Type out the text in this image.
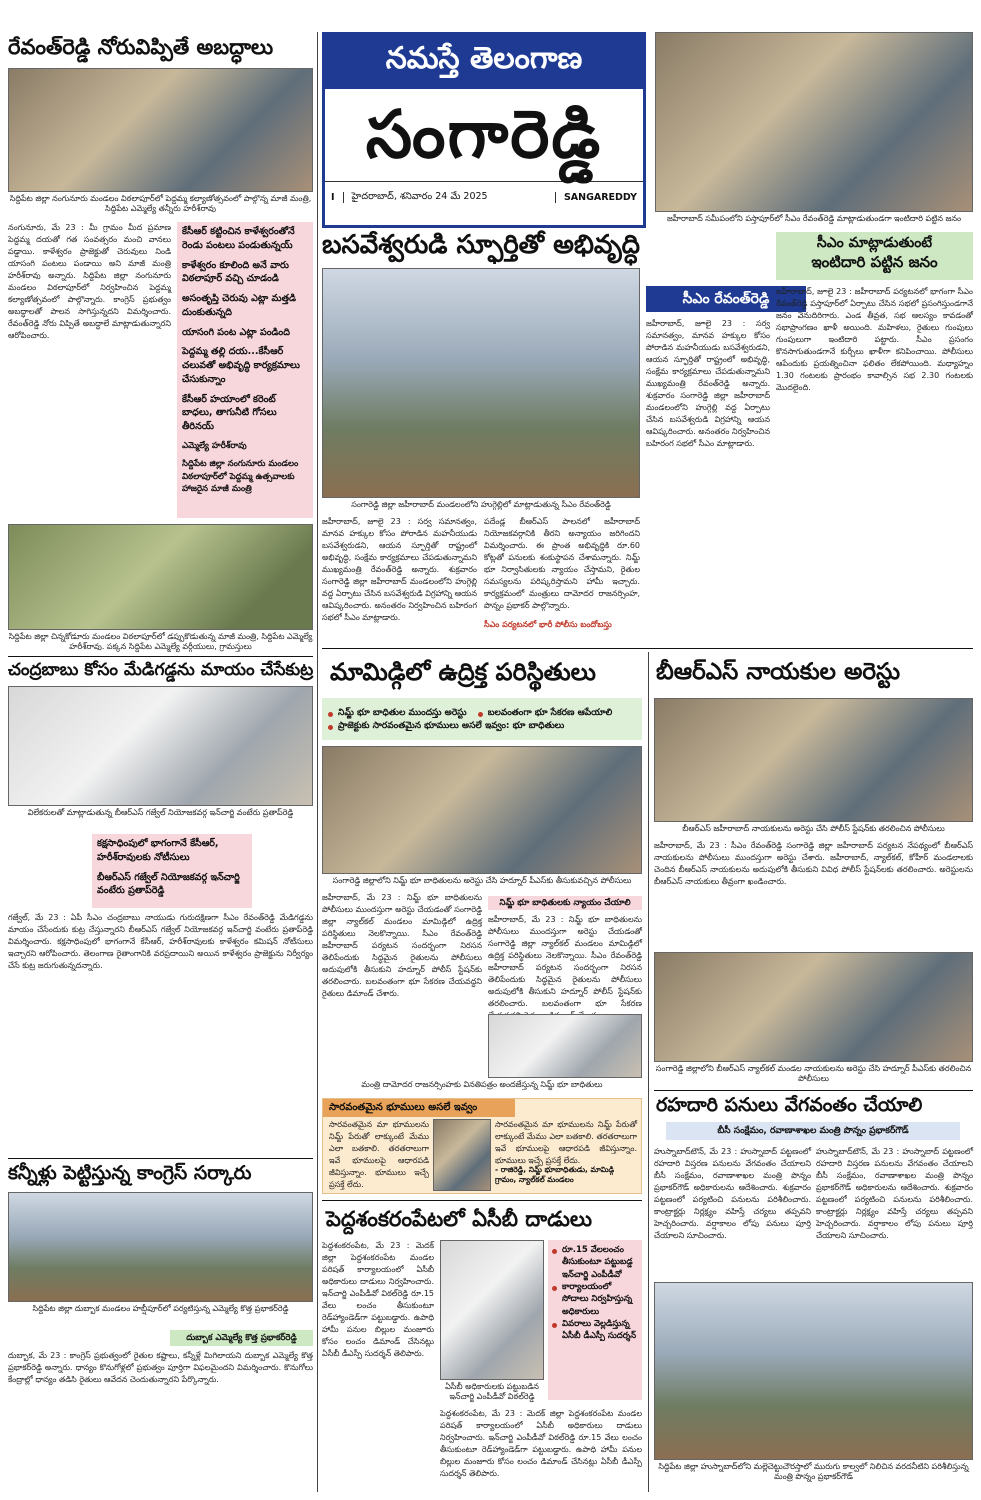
నమస్తే తెలంగాణ
సంగారెడ్డి
I	హైదరాబాద్, శనివారం 24 మే 2025	SANGAREDDY
జహీరాబాద్ సమీపంలోని పస్తాపూర్‌లో సీఎం రేవంత్‌రెడ్డి మాట్లాడుతుండగా ఇంటిదారి పట్టిన జనం
రేవంత్‌రెడ్డి నోరువిప్పితే అబద్ధాలు
సిద్దిపేట జిల్లా నంగునూరు మండలం విఠలాపూర్‌లో పెద్దమ్మ కల్యాణోత్సవంలో పాల్గొన్న మాజీ మంత్రి, సిద్దిపేట ఎమ్మెల్యే తన్నీరు హరీశ్‌రావు
నంగునూరు, మే 23 : మీ గ్రామం మీద ప్రమాణ పెద్దమ్మ దయతో గత సంవత్సరం మంచి వానలు పడ్డాయి. కాళేశ్వరం ప్రాజెక్టుతో చెరువులు నిండి యాసంగి పంటలు పండాయి అని మాజీ మంత్రి హరీశ్‌రావు అన్నారు. సిద్దిపేట జిల్లా నంగునూరు మండలం విఠలాపూర్‌లో నిర్వహించిన పెద్దమ్మ కల్యాణోత్సవంలో పాల్గొన్నారు. కాంగ్రెస్ ప్రభుత్వం అబద్ధాలతో పాలన సాగిస్తున్నదని విమర్శించారు. రేవంత్‌రెడ్డి నోరు విప్పితే అబద్ధాలే మాట్లాడుతున్నారని ఆరోపించారు.
కేసీఆర్ కట్టించిన కాళేశ్వరంతోనే రెండు పంటలు పండుతున్నయ్
కాళేశ్వరం కూలింది అనే వారు విఠలాపూర్ వచ్చి చూడండి
అసంతృప్తి చెరువు ఎట్లా మత్తడి దుంకుతున్నది
యాసంగి పంట ఎట్లా పండింది
పెద్దమ్మ తల్లి దయ...కేసీఆర్ చలువతో అభివృద్ధి కార్యక్రమాలు చేసుకున్నాం
కేసీఆర్ హయాంలో కరెంట్ బాధలు, తాగునీటి గోసలు తీరినయ్
ఎమ్మెల్యే హరీశ్‌రావు
సిద్దిపేట జిల్లా నంగునూరు మండలం విఠలాపూర్‌లో పెద్దమ్మ ఉత్సవాలకు హాజరైన మాజీ మంత్రి
సిద్దిపేట జిల్లా చిన్నకోడూరు మండలం విఠలాపూర్‌లో డప్పుకొడుతున్న మాజీ మంత్రి, సిద్దిపేట ఎమ్మెల్యే హరీశ్‌రావు. పక్కన సిద్దిపేట ఎమ్మెల్యే వర్గీయులు, గ్రామస్తులు
చంద్రబాబు కోసం మేడిగడ్డను మాయం చేసేకుట్ర
విలేకరులతో మాట్లాడుతున్న బీఆర్‌ఎస్ గజ్వేల్ నియోజకవర్గ ఇన్‌చార్జి వంటేరు ప్రతాప్‌రెడ్డి
కక్షసాధింపులో భాగంగానే కేసీఆర్, హరీశ్‌రావులకు నోటీసులు
బీఆర్‌ఎస్ గజ్వేల్ నియోజకవర్గ ఇన్‌చార్జి వంటేరు ప్రతాప్‌రెడ్డి
గజ్వేల్, మే 23 : ఏపీ సీఎం చంద్రబాబు నాయుడు గురుదక్షిణగా సీఎం రేవంత్‌రెడ్డి మేడిగడ్డను మాయం చేసేందుకు కుట్ర చేస్తున్నారని బీఆర్‌ఎస్ గజ్వేల్ నియోజకవర్గ ఇన్‌చార్జి వంటేరు ప్రతాప్‌రెడ్డి విమర్శించారు. కక్షసాధింపులో భాగంగానే కేసీఆర్, హరీశ్‌రావులకు కాళేశ్వరం కమిషన్ నోటీసులు ఇచ్చారని ఆరోపించారు. తెలంగాణ రైతాంగానికి వరప్రదాయిని అయిన కాళేశ్వరం ప్రాజెక్టును నిర్వీర్యం చేసే కుట్ర జరుగుతున్నదన్నారు.
కన్నీళ్లు పెట్టిస్తున్న కాంగ్రెస్ సర్కారు
సిద్దిపేట జిల్లా దుబ్బాక మండలం హబ్షీపూర్‌లో పర్యటిస్తున్న ఎమ్మెల్యే కొత్త ప్రభాకర్‌రెడ్డి
దుబ్బాక ఎమ్మెల్యే కొత్త ప్రభాకర్‌రెడ్డి
దుబ్బాక, మే 23 : కాంగ్రెస్ ప్రభుత్వంలో రైతుల కష్టాలు, కన్నీళ్లే మిగిలాయని దుబ్బాక ఎమ్మెల్యే కొత్త ప్రభాకర్‌రెడ్డి అన్నారు. ధాన్యం కొనుగోళ్లలో ప్రభుత్వం పూర్తిగా విఫలమైందని విమర్శించారు. కొనుగోలు కేంద్రాల్లో ధాన్యం తడిసి రైతులు ఆవేదన చెందుతున్నారని పేర్కొన్నారు.
బసవేశ్వరుడి స్ఫూర్తితో అభివృద్ధి
సీఎం రేవంత్‌రెడ్డి
సంగారెడ్డి జిల్లా జహీరాబాద్ మండలంలోని హుగ్గెల్లిలో మాట్లాడుతున్న సీఎం రేవంత్‌రెడ్డి
జహీరాబాద్, జూలై 23 : సర్వ సమానత్వం, మానవ హక్కుల కోసం పోరాడిన మహనీయుడు బసవేశ్వరుడని, ఆయన స్ఫూర్తితో రాష్ట్రంలో అభివృద్ధి, సంక్షేమ కార్యక్రమాలు చేపడుతున్నామని ముఖ్యమంత్రి రేవంత్‌రెడ్డి అన్నారు. శుక్రవారం సంగారెడ్డి జిల్లా జహీరాబాద్ మండలంలోని హుగ్గెల్లి వద్ద ఏర్పాటు చేసిన బసవేశ్వరుడి విగ్రహాన్ని ఆయన ఆవిష్కరించారు. అనంతరం నిర్వహించిన బహిరంగ సభలో సీఎం మాట్లాడారు.
పదేండ్ల బీఆర్‌ఎస్ పాలనలో జహీరాబాద్ నియోజకవర్గానికి తీరని అన్యాయం జరిగిందని విమర్శించారు. ఈ ప్రాంత అభివృద్ధికి రూ.60 కోట్లతో పనులకు శంకుస్థాపన చేశామన్నారు. నిమ్జ్ భూ నిర్వాసితులకు న్యాయం చేస్తామని, రైతుల సమస్యలను పరిష్కరిస్తామని హామీ ఇచ్చారు. కార్యక్రమంలో మంత్రులు దామోదర రాజనర్సింహ, పొన్నం ప్రభాకర్ పాల్గొన్నారు.
సీఎం పర్యటనలో భారీ పోలీసు బందోబస్తు
జహీరాబాద్, జూలై 23 : సర్వ సమానత్వం, మానవ హక్కుల కోసం పోరాడిన మహనీయుడు బసవేశ్వరుడని, ఆయన స్ఫూర్తితో రాష్ట్రంలో అభివృద్ధి, సంక్షేమ కార్యక్రమాలు చేపడుతున్నామని ముఖ్యమంత్రి రేవంత్‌రెడ్డి అన్నారు. శుక్రవారం సంగారెడ్డి జిల్లా జహీరాబాద్ మండలంలోని హుగ్గెల్లి వద్ద ఏర్పాటు చేసిన బసవేశ్వరుడి విగ్రహాన్ని ఆయన ఆవిష్కరించారు. అనంతరం నిర్వహించిన బహిరంగ సభలో సీఎం మాట్లాడారు.
సీఎం మాట్లాడుతుంటే
ఇంటిదారి పట్టిన జనం
జహీరాబాద్, జూలై 23 : జహీరాబాద్ పర్యటనలో భాగంగా సీఎం రేవంత్‌రెడ్డి పస్తాపూర్‌లో ఏర్పాటు చేసిన సభలో ప్రసంగిస్తుండగానే జనం వెనుదిరిగారు. ఎండ తీవ్రత, సభ ఆలస్యం కావడంతో సభాప్రాంగణం ఖాళీ అయింది. మహిళలు, రైతులు గుంపులు గుంపులుగా ఇంటిదారి పట్టారు. సీఎం ప్రసంగం కొనసాగుతుండగానే కుర్చీలు ఖాళీగా కనిపించాయి. పోలీసులు ఆపేందుకు ప్రయత్నించినా ఫలితం లేకపోయింది. మధ్యాహ్నం 1.30 గంటలకు ప్రారంభం కావాల్సిన సభ 2.30 గంటలకు మొదలైంది.
మామిడ్గిలో ఉద్రిక్త పరిస్థితులు
నిమ్జ్ భూ బాధితుల ముందస్తు అరెస్టు బలవంతంగా భూ సేకరణ ఆపేయాలి
ప్రాజెక్టుకు సారవంతమైన భూములు అసలే ఇవ్వం: భూ బాధితులు
సంగారెడ్డి జిల్లాలోని నిమ్జ్ భూ బాధితులను అరెస్టు చేసి హద్నూర్ పీఎస్‌కు తీసుకువచ్చిన పోలీసులు
జహీరాబాద్, మే 23 : నిమ్జ్ భూ బాధితులను పోలీసులు ముందస్తుగా అరెస్టు చేయడంతో సంగారెడ్డి జిల్లా న్యాల్‌కల్ మండలం మామిడ్గిలో ఉద్రిక్త పరిస్థితులు నెలకొన్నాయి. సీఎం రేవంత్‌రెడ్డి జహీరాబాద్ పర్యటన సందర్భంగా నిరసన తెలిపేందుకు సిద్ధమైన రైతులను పోలీసులు అదుపులోకి తీసుకుని హద్నూర్ పోలీస్ స్టేషన్‌కు తరలించారు. బలవంతంగా భూ సేకరణ చేయవద్దని రైతులు డిమాండ్ చేశారు.
నిమ్జ్ భూ బాధితులకు న్యాయం చేయాలి
జహీరాబాద్, మే 23 : నిమ్జ్ భూ బాధితులను పోలీసులు ముందస్తుగా అరెస్టు చేయడంతో సంగారెడ్డి జిల్లా న్యాల్‌కల్ మండలం మామిడ్గిలో ఉద్రిక్త పరిస్థితులు నెలకొన్నాయి. సీఎం రేవంత్‌రెడ్డి జహీరాబాద్ పర్యటన సందర్భంగా నిరసన తెలిపేందుకు సిద్ధమైన రైతులను పోలీసులు అదుపులోకి తీసుకుని హద్నూర్ పోలీస్ స్టేషన్‌కు తరలించారు. బలవంతంగా భూ సేకరణ
మంత్రి దామోదర రాజనర్సింహకు వినతిపత్రం అందజేస్తున్న నిమ్జ్ భూ బాధితులు
సారవంతమైన భూములు అసలే ఇవ్వం
సారవంతమైన మా భూములను నిమ్జ్ పేరుతో లాక్కుంటే మేము ఎలా బతకాలి. తరతరాలుగా ఇవే భూములపై ఆధారపడి జీవిస్తున్నాం. భూములు ఇచ్చే ప్రసక్తే లేదు.
సారవంతమైన మా భూములను నిమ్జ్ పేరుతో లాక్కుంటే మేము ఎలా బతకాలి. తరతరాలుగా ఇవే భూములపై ఆధారపడి జీవిస్తున్నాం. భూములు ఇచ్చే ప్రసక్తే లేదు.
- రాజిరెడ్డి, నిమ్జ్ భూబాధితుడు, మామిడ్గి గ్రామం, న్యాల్‌కల్ మండలం
పెద్దశంకరంపేటలో ఏసీబీ దాడులు
పెద్దశంకరంపేట, మే 23 : మెదక్ జిల్లా పెద్దశంకరంపేట మండల పరిషత్ కార్యాలయంలో ఏసీబీ అధికారులు దాడులు నిర్వహించారు. ఇన్‌చార్జి ఎంపీడీవో విఠల్‌రెడ్డి రూ.15 వేలు లంచం తీసుకుంటూ రెడ్‌హ్యాండెడ్‌గా పట్టుబడ్డారు. ఉపాధి హామీ పనుల బిల్లుల మంజూరు కోసం లంచం డిమాండ్ చేసినట్లు ఏసీబీ డీఎస్పీ సుదర్శన్ తెలిపారు.
ఏసీబీ అధికారులకు పట్టుబడిన ఇన్‌చార్జి ఎంపీడీవో విఠల్‌రెడ్డి
రూ.15 వేలలంచం తీసుకుంటూ పట్టుబడ్డ ఇన్‌చార్జి ఎంపీడీవో
కార్యాలయంలో సోదాలు నిర్వహిస్తున్న అధికారులు
వివరాలు వెల్లడిస్తున్న ఏసీబీ డీఎస్పీ సుదర్శన్
పెద్దశంకరంపేట, మే 23 : మెదక్ జిల్లా పెద్దశంకరంపేట మండల పరిషత్ కార్యాలయంలో ఏసీబీ అధికారులు దాడులు నిర్వహించారు. ఇన్‌చార్జి ఎంపీడీవో విఠల్‌రెడ్డి రూ.15 వేలు లంచం తీసుకుంటూ రెడ్‌హ్యాండెడ్‌గా పట్టుబడ్డారు. ఉపాధి హామీ పనుల బిల్లుల మంజూరు కోసం లంచం డిమాండ్ చేసినట్లు ఏసీబీ డీఎస్పీ సుదర్శన్ తెలిపారు.
బీఆర్‌ఎస్ నాయకుల అరెస్టు
బీఆర్‌ఎస్ జహీరాబాద్ నాయకులను అరెస్టు చేసి పోలీస్ స్టేషన్‌కు తరలించిన పోలీసులు
జహీరాబాద్, మే 23 : సీఎం రేవంత్‌రెడ్డి సంగారెడ్డి జిల్లా జహీరాబాద్ పర్యటన నేపథ్యంలో బీఆర్‌ఎస్ నాయకులను పోలీసులు ముందస్తుగా అరెస్టు చేశారు. జహీరాబాద్, న్యాల్‌కల్, కోహీర్ మండలాలకు చెందిన బీఆర్‌ఎస్ నాయకులను అదుపులోకి తీసుకుని వివిధ పోలీస్ స్టేషన్‌లకు తరలించారు. అరెస్టులను బీఆర్‌ఎస్ నాయకులు తీవ్రంగా ఖండించారు.
సంగారెడ్డి జిల్లాలోని బీఆర్‌ఎస్ న్యాల్‌కల్ మండల నాయకులను అరెస్టు చేసి హద్నూర్ పీఎస్‌కు తరలించిన పోలీసులు
రహదారి పనులు వేగవంతం చేయాలి
బీసీ సంక్షేమం, రవాణాశాఖల మంత్రి పొన్నం ప్రభాకర్‌గౌడ్
హుస్నాబాద్‌టౌన్, మే 23 : హుస్నాబాద్ పట్టణంలో రహదారి విస్తరణ పనులను వేగవంతం చేయాలని బీసీ సంక్షేమం, రవాణాశాఖల మంత్రి పొన్నం ప్రభాకర్‌గౌడ్ అధికారులను ఆదేశించారు. శుక్రవారం పట్టణంలో పర్యటించి పనులను పరిశీలించారు. కాంట్రాక్టర్లు నిర్లక్ష్యం వహిస్తే చర్యలు తప్పవని హెచ్చరించారు. వర్షాకాలం లోపు పనులు పూర్తి చేయాలని సూచించారు.
హుస్నాబాద్‌టౌన్, మే 23 : హుస్నాబాద్ పట్టణంలో రహదారి విస్తరణ పనులను వేగవంతం చేయాలని బీసీ సంక్షేమం, రవాణాశాఖల మంత్రి పొన్నం ప్రభాకర్‌గౌడ్ అధికారులను ఆదేశించారు. శుక్రవారం పట్టణంలో పర్యటించి పనులను పరిశీలించారు. కాంట్రాక్టర్లు నిర్లక్ష్యం వహిస్తే చర్యలు తప్పవని హెచ్చరించారు. వర్షాకాలం లోపు పనులు పూర్తి చేయాలని సూచించారు.
సిద్దిపేట జిల్లా హుస్నాబాద్‌లోని మల్లెచెట్టుచౌరస్తాలో మురుగు కాల్వలో నిలిచిన వరదనీటిని పరిశీలిస్తున్న మంత్రి పొన్నం ప్రభాకర్‌గౌడ్
